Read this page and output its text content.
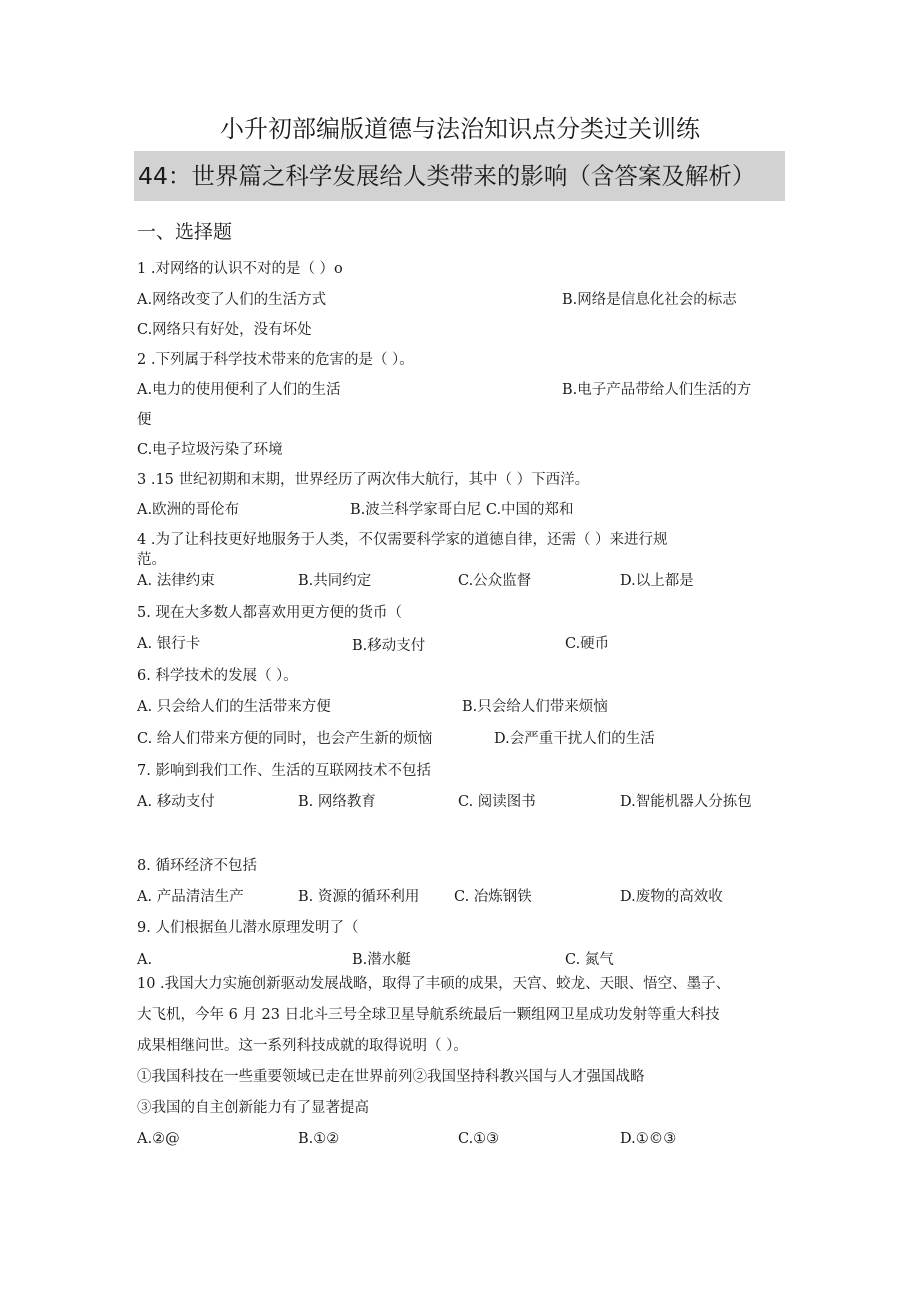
小升初部编版道德与法治知识点分类过关训练
44：世界篇之科学发展给人类带来的影响（含答案及解析）
一、选择题
1 .对网络的认识不对的是（ ）o
A.网络改变了人们的生活方式	B.网络是信息化社会的标志
C.网络只有好处，没有坏处
2 .下列属于科学技术带来的危害的是（ ）。
A.电力的使用便利了人们的生活	B.电子产品带给人们生活的方
便
C.电子垃圾污染了环境
3 .15 世纪初期和末期，世界经历了两次伟大航行，其中（ ）下西洋。
A.欧洲的哥伦布	B.波兰科学家哥白尼 C.中国的郑和
4 .为了让科技更好地服务于人类，不仅需要科学家的道德自律，还需（ ）来进行规
范。
A. 法律约束	B.共同约定	C.公众监督	D.以上都是
5. 现在大多数人都喜欢用更方便的货币（
A. 银行卡	B.移动支付	C.硬币
6. 科学技术的发展（ ）。
A. 只会给人们的生活带来方便	B.只会给人们带来烦恼
C. 给人们带来方便的同时，也会产生新的烦恼	D.会严重干扰人们的生活
7. 影响到我们工作、生活的互联网技术不包括
A. 移动支付	B. 网络教育	C. 阅读图书	D.智能机器人分拣包
8. 循环经济不包括
A. 产品清洁生产	B. 资源的循环利用 C. 冶炼钢铁	D.废物的高效收
9. 人们根据鱼儿潜水原理发明了（
A.	B.潜水艇	C. 氮气
10 .我国大力实施创新驱动发展战略，取得了丰硕的成果，天宫、蛟龙、天眼、悟空、墨子、
大飞机，今年 6 月 23 日北斗三号全球卫星导航系统最后一颗组网卫星成功发射等重大科技
成果相继问世。这一系列科技成就的取得说明（ ）。
①我国科技在一些重要领域已走在世界前列②我国坚持科教兴国与人才强国战略
③我国的自主创新能力有了显著提高
A.②@	B.①②	C.①③	D.①©③
